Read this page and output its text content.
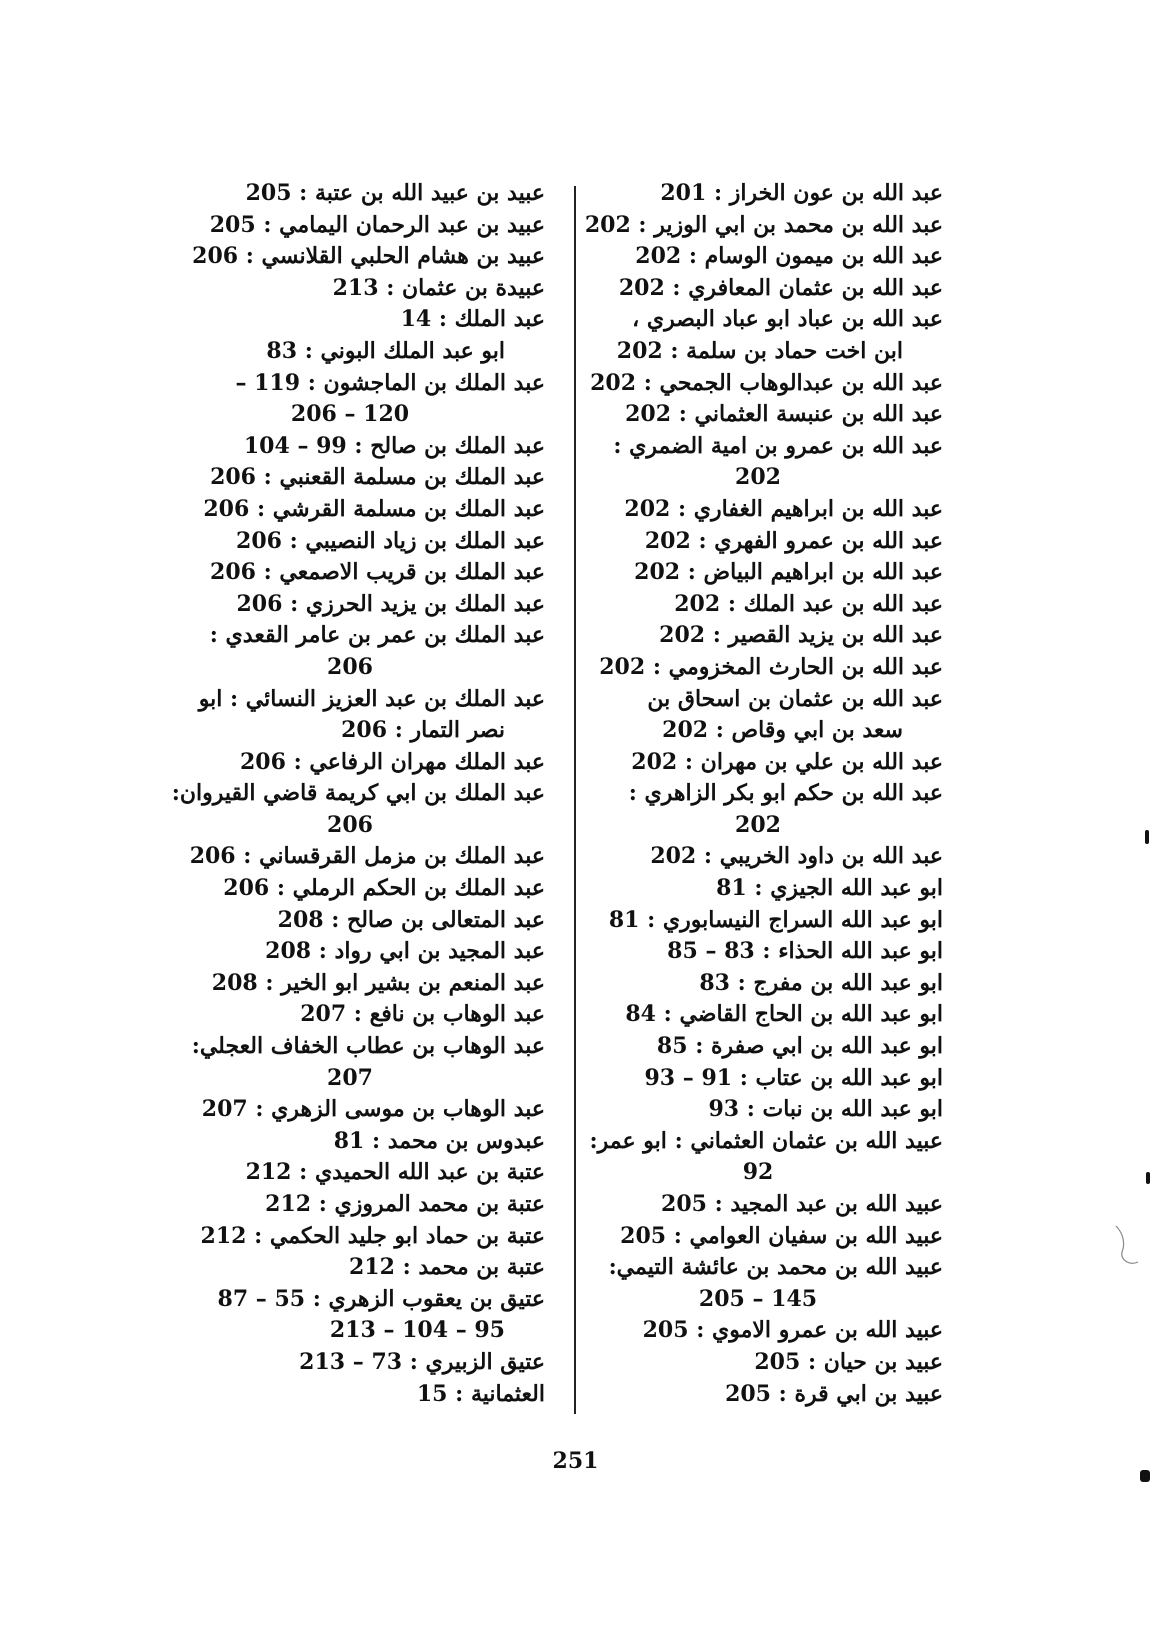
عبد الله بن عون الخراز : 201

عبد الله بن محمد بن ابي الوزير : 202

عبد الله بن ميمون الوسام : 202

عبد الله بن عثمان المعافري : 202

عبد الله بن عباد ابو عباد البصري ،

ابن اخت حماد بن سلمة : 202

عبد الله بن عبدالوهاب الجمحي : 202

عبد الله بن عنبسة العثماني : 202

عبد الله بن عمرو بن امية الضمري :

202

عبد الله بن ابراهيم الغفاري : 202

عبد الله بن عمرو الفهري : 202

عبد الله بن ابراهيم البياض : 202

عبد الله بن عبد الملك : 202

عبد الله بن يزيد القصير : 202

عبد الله بن الحارث المخزومي : 202

عبد الله بن عثمان بن اسحاق بن

سعد بن ابي وقاص : 202

عبد الله بن علي بن مهران : 202

عبد الله بن حكم ابو بكر الزاهري :

202

عبد الله بن داود الخريبي : 202

ابو عبد الله الجيزي : 81

ابو عبد الله السراج النيسابوري : 81

ابو عبد الله الحذاء : 83 – 85

ابو عبد الله بن مفرج : 83

ابو عبد الله بن الحاج القاضي : 84

ابو عبد الله بن ابي صفرة : 85

ابو عبد الله بن عتاب : 91 – 93

ابو عبد الله بن نبات : 93

عبيد الله بن عثمان العثماني : ابو عمر:

92

عبيد الله بن عبد المجيد : 205

عبيد الله بن سفيان العوامي : 205

عبيد الله بن محمد بن عائشة التيمي:

145 – 205

عبيد الله بن عمرو الاموي : 205

عبيد بن حيان : 205

عبيد بن ابي قرة : 205

عبيد بن عبيد الله بن عتبة : 205

عبيد بن عبد الرحمان اليمامي : 205

عبيد بن هشام الحلبي القلانسي : 206

عبيدة بن عثمان : 213

عبد الملك : 14

ابو عبد الملك البوني : 83

عبد الملك بن الماجشون : 119 –

120 – 206

عبد الملك بن صالح : 99 – 104

عبد الملك بن مسلمة القعنبي : 206

عبد الملك بن مسلمة القرشي : 206

عبد الملك بن زياد النصيبي : 206

عبد الملك بن قريب الاصمعي : 206

عبد الملك بن يزيد الحرزي : 206

عبد الملك بن عمر بن عامر القعدي :

206

عبد الملك بن عبد العزيز النسائي : ابو

نصر التمار : 206

عبد الملك مهران الرفاعي : 206

عبد الملك بن ابي كريمة قاضي القيروان:

206

عبد الملك بن مزمل القرقساني : 206

عبد الملك بن الحكم الرملي : 206

عبد المتعالى بن صالح : 208

عبد المجيد بن ابي رواد : 208

عبد المنعم بن بشير ابو الخير : 208

عبد الوهاب بن نافع : 207

عبد الوهاب بن عطاب الخفاف العجلي:

207

عبد الوهاب بن موسى الزهري : 207

عبدوس بن محمد : 81

عتبة بن عبد الله الحميدي : 212

عتبة بن محمد المروزي : 212

عتبة بن حماد ابو جليد الحكمي : 212

عتبة بن محمد : 212

عتيق بن يعقوب الزهري : 55 – 87

95 – 104 – 213

عتيق الزبيري : 73 – 213

العثمانية : 15

251
